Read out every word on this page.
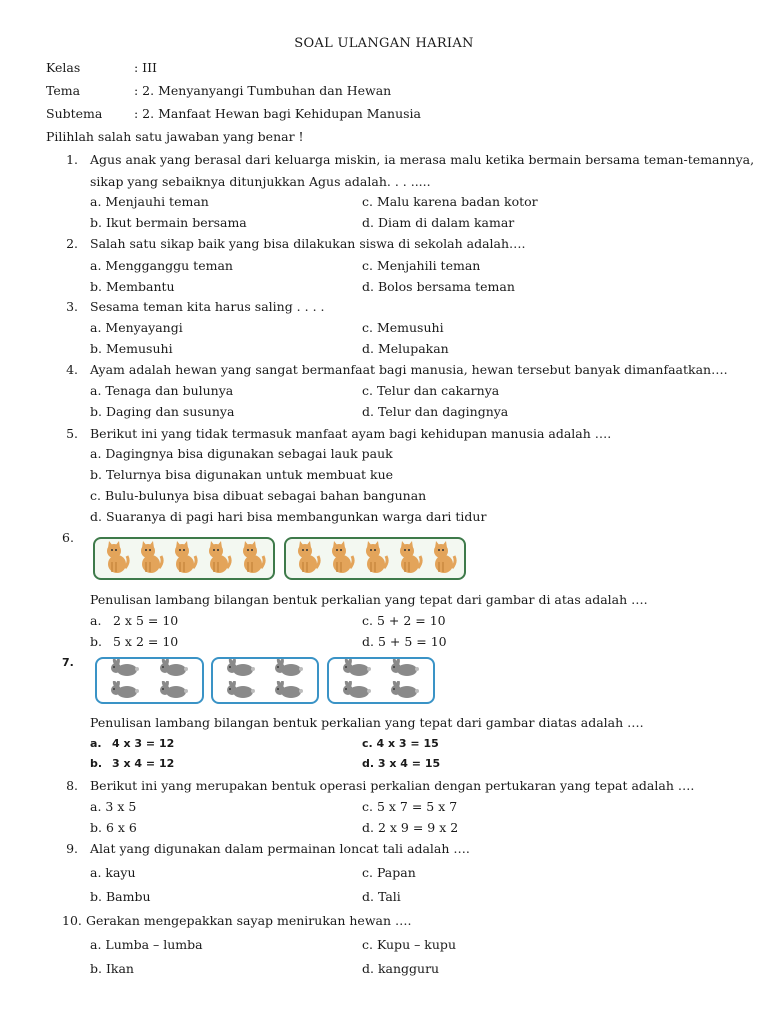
SOAL ULANGAN HARIAN
Kelas	: III
Tema	: 2. Menyanyangi Tumbuhan dan Hewan
Subtema	: 2. Manfaat Hewan bagi Kehidupan Manusia
Pilihlah salah satu jawaban yang benar !
1. Agus anak yang berasal dari keluarga miskin, ia merasa malu ketika bermain bersama teman-temannya,
sikap yang sebaiknya ditunjukkan Agus adalah. . . .....
a. Menjauhi teman	c. Malu karena badan kotor
b. Ikut bermain bersama	d. Diam di dalam kamar
2. Salah satu sikap baik yang bisa dilakukan siswa di sekolah adalah….
a. Mengganggu teman	c. Menjahili teman
b. Membantu	d. Bolos bersama teman
3. Sesama teman kita harus saling . . . .
a. Menyayangi	c. Memusuhi
b. Memusuhi	d. Melupakan
4. Ayam adalah hewan yang sangat bermanfaat bagi manusia, hewan tersebut banyak dimanfaatkan….
a. Tenaga dan bulunya	c. Telur dan cakarnya
b. Daging dan susunya	d. Telur dan dagingnya
5. Berikut ini yang tidak termasuk manfaat ayam bagi kehidupan manusia adalah ….
a. Dagingnya bisa digunakan sebagai lauk pauk
b. Telurnya bisa digunakan untuk membuat kue
c. Bulu-bulunya bisa dibuat sebagai bahan bangunan
d. Suaranya di pagi hari bisa membangunkan warga dari tidur
6.
Penulisan lambang bilangan bentuk perkalian yang tepat dari gambar di atas adalah ….
a. 2 x 5 = 10	c. 5 + 2 = 10
b. 5 x 2 = 10	d. 5 + 5 = 10
7.
Penulisan lambang bilangan bentuk perkalian yang tepat dari gambar diatas adalah ….
a. 4 x 3 = 12	c. 4 x 3 = 15
b. 3 x 4 = 12	d. 3 x 4 = 15
8. Berikut ini yang merupakan bentuk operasi perkalian dengan pertukaran yang tepat adalah ….
a. 3 x 5	c. 5 x 7 = 5 x 7
b. 6 x 6	d. 2 x 9 = 9 x 2
9. Alat yang digunakan dalam permainan loncat tali adalah ….
a. kayu	c. Papan
b. Bambu	d. Tali
10. Gerakan mengepakkan sayap menirukan hewan ….
a. Lumba – lumba	c. Kupu – kupu
b. Ikan	d. kangguru
